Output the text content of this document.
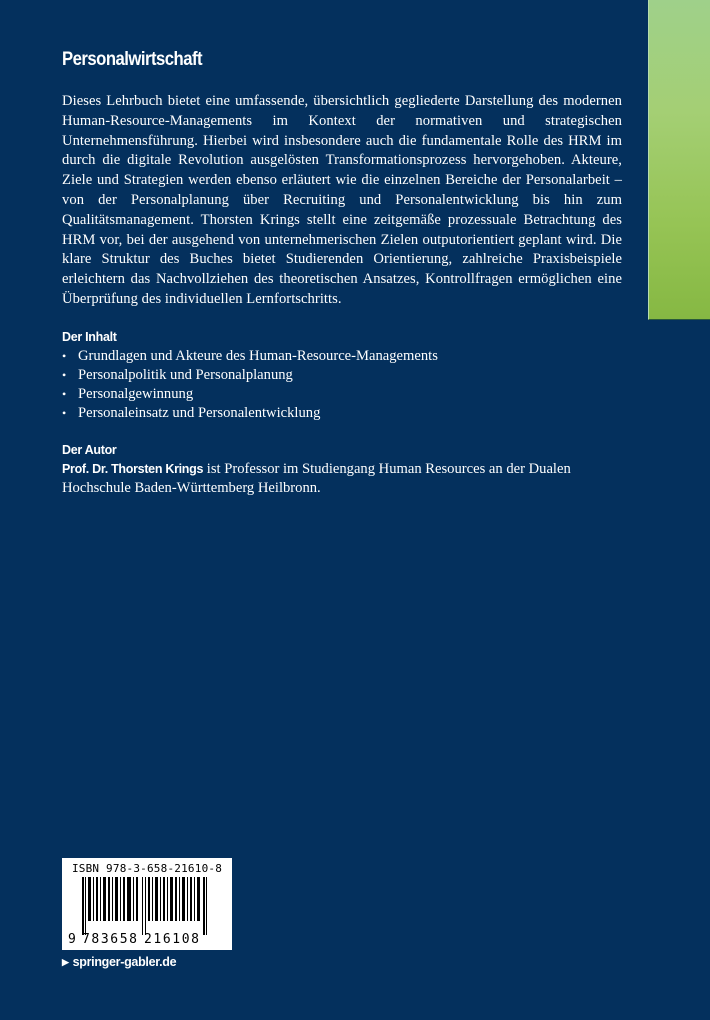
Personalwirtschaft

Dieses Lehrbuch bietet eine umfassende, übersichtlich gegliederte Darstellung des modernen Human-Resource-Managements im Kontext der normativen und strategischen Unternehmensführung. Hierbei wird insbesondere auch die fundamentale Rolle des HRM im durch die digitale Revolution ausgelösten Transformationsprozess hervorgehoben. Akteure, Ziele und Strategien werden ebenso erläutert wie die einzelnen Bereiche der Personalarbeit – von der Personalplanung über Recruiting und Personalentwicklung bis hin zum Qualitätsmanagement. Thorsten Krings stellt eine zeitgemäße prozessuale Betrachtung des HRM vor, bei der ausgehend von unternehmerischen Zielen outputorientiert geplant wird. Die klare Struktur des Buches bietet Studierenden Orientierung, zahlreiche Praxisbeispiele erleichtern das Nachvollziehen des theoretischen Ansatzes, Kontrollfragen ermöglichen eine Überprüfung des individuellen Lernfortschritts.

Der Inhalt
• Grundlagen und Akteure des Human-Resource-Managements
• Personalpolitik und Personalplanung
• Personalgewinnung
• Personaleinsatz und Personalentwicklung
Der Autor

Prof. Dr. Thorsten Krings ist Professor im Studiengang Human Resources an der Dualen Hochschule Baden-Württemberg Heilbronn.

ISBN 978-3-658-21610-8
9 783658 216108
▶ springer-gabler.de
